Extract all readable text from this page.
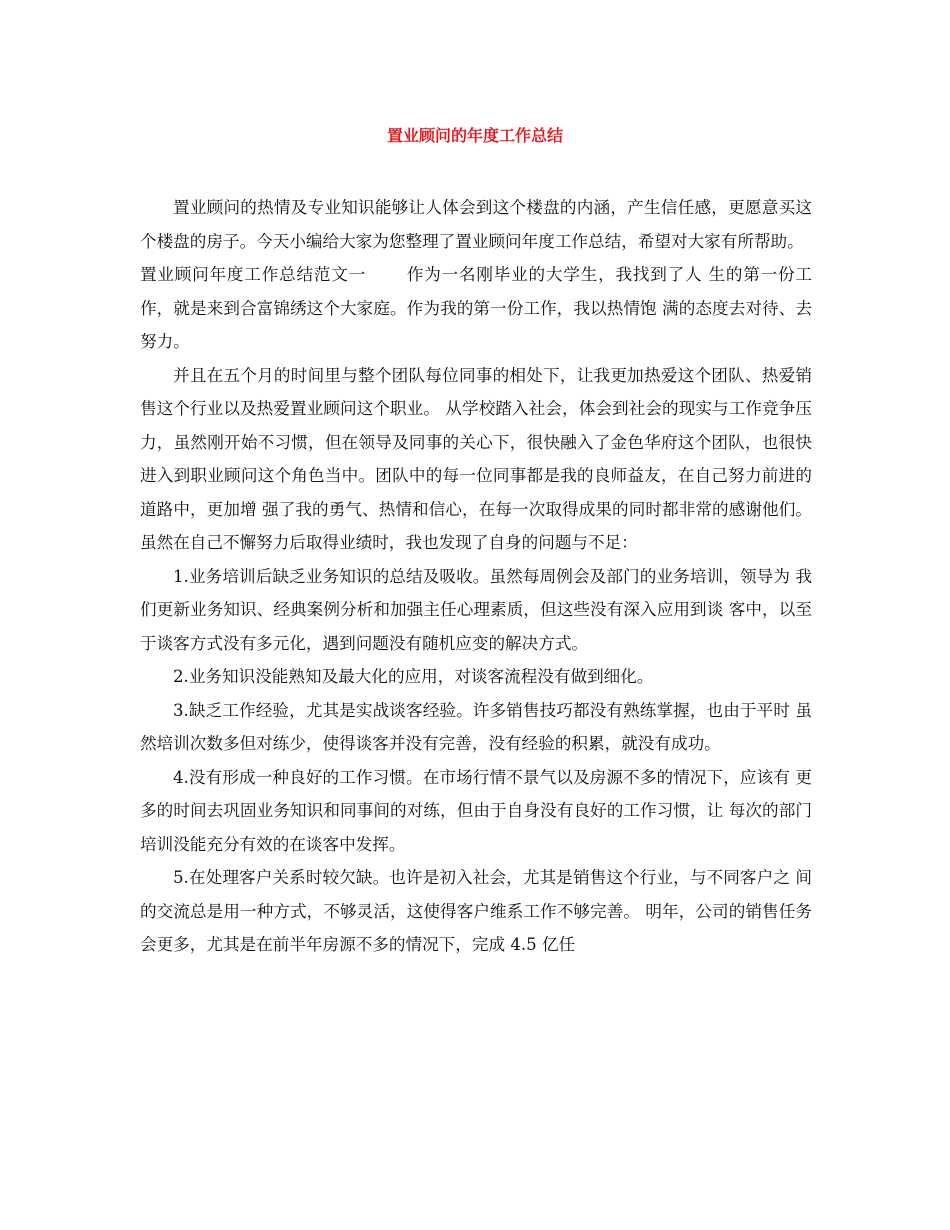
置业顾问的年度工作总结

置业顾问的热情及专业知识能够让人体会到这个楼盘的内涵，产生信任感，更愿意买这个楼盘的房子。今天小编给大家为您整理了置业顾问年度工作总结，希望对大家有所帮助。

置业顾问年度工作总结范文一　　 作为一名刚毕业的大学生，我找到了人 生的第一份工作，就是来到合富锦绣这个大家庭。作为我的第一份工作，我以热情饱 满的态度去对待、去努力。

并且在五个月的时间里与整个团队每位同事的相处下，让我更加热爱这个团队、热爱销售这个行业以及热爱置业顾问这个职业。 从学校踏入社会，体会到社会的现实与工作竞争压力，虽然刚开始不习惯，但在领导及同事的关心下，很快融入了金色华府这个团队，也很快进入到职业顾问这个角色当中。团队中的每一位同事都是我的良师益友，在自己努力前进的道路中，更加增 强了我的勇气、热情和信心，在每一次取得成果的同时都非常的感谢他们。 虽然在自己不懈努力后取得业绩时，我也发现了自身的问题与不足：

1.业务培训后缺乏业务知识的总结及吸收。虽然每周例会及部门的业务培训，领导为 我们更新业务知识、经典案例分析和加强主任心理素质，但这些没有深入应用到谈 客中，以至于谈客方式没有多元化，遇到问题没有随机应变的解决方式。

2.业务知识没能熟知及最大化的应用，对谈客流程没有做到细化。

3.缺乏工作经验，尤其是实战谈客经验。许多销售技巧都没有熟练掌握，也由于平时 虽然培训次数多但对练少，使得谈客并没有完善，没有经验的积累，就没有成功。

4.没有形成一种良好的工作习惯。在市场行情不景气以及房源不多的情况下，应该有 更多的时间去巩固业务知识和同事间的对练，但由于自身没有良好的工作习惯，让 每次的部门培训没能充分有效的在谈客中发挥。

5.在处理客户关系时较欠缺。也许是初入社会，尤其是销售这个行业，与不同客户之 间的交流总是用一种方式，不够灵活，这使得客户维系工作不够完善。 明年，公司的销售任务会更多，尤其是在前半年房源不多的情况下，完成 4.5 亿任
